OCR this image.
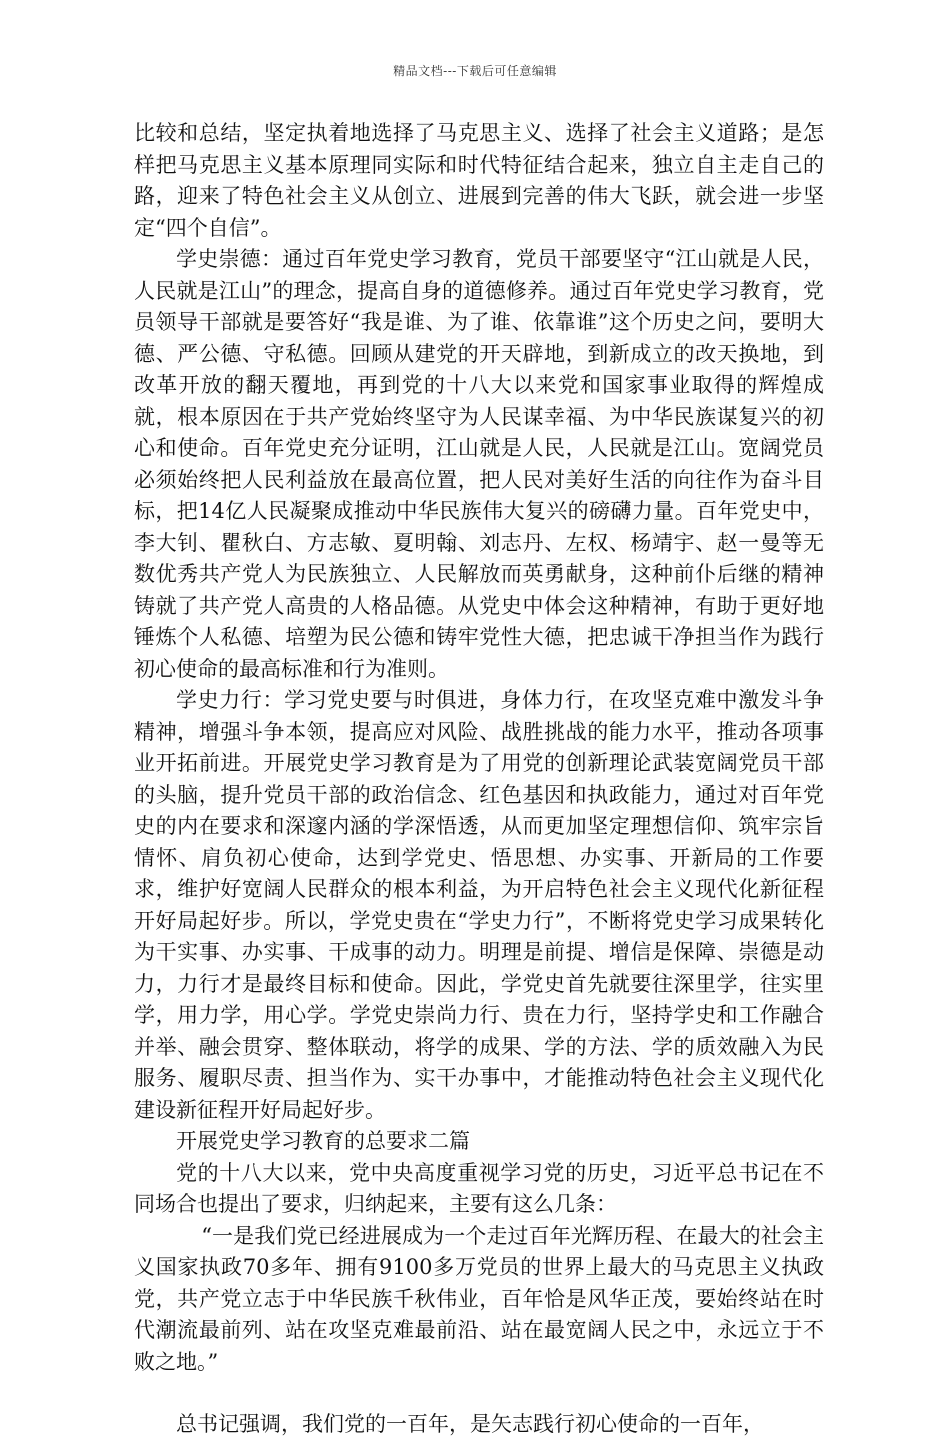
精品文档---下载后可任意编辑

比较和总结，坚定执着地选择了马克思主义、选择了社会主义道路；是怎样把马克思主义基本原理同实际和时代特征结合起来，独立自主走自己的路，迎来了特色社会主义从创立、进展到完善的伟大飞跃，就会进一步坚定“四个自信”。

学史崇德：通过百年党史学习教育，党员干部要坚守“江山就是人民，人民就是江山”的理念，提高自身的道德修养。通过百年党史学习教育，党员领导干部就是要答好“我是谁、为了谁、依靠谁”这个历史之问，要明大德、严公德、守私德。回顾从建党的开天辟地，到新成立的改天换地，到改革开放的翻天覆地，再到党的十八大以来党和国家事业取得的辉煌成就，根本原因在于共产党始终坚守为人民谋幸福、为中华民族谋复兴的初心和使命。百年党史充分证明，江山就是人民，人民就是江山。宽阔党员必须始终把人民利益放在最高位置，把人民对美好生活的向往作为奋斗目标，把14亿人民凝聚成推动中华民族伟大复兴的磅礴力量。百年党史中，李大钊、瞿秋白、方志敏、夏明翰、刘志丹、左权、杨靖宇、赵一曼等无数优秀共产党人为民族独立、人民解放而英勇献身，这种前仆后继的精神铸就了共产党人高贵的人格品德。从党史中体会这种精神，有助于更好地锤炼个人私德、培塑为民公德和铸牢党性大德，把忠诚干净担当作为践行初心使命的最高标准和行为准则。

学史力行：学习党史要与时俱进，身体力行，在攻坚克难中激发斗争精神，增强斗争本领，提高应对风险、战胜挑战的能力水平，推动各项事业开拓前进。开展党史学习教育是为了用党的创新理论武装宽阔党员干部的头脑，提升党员干部的政治信念、红色基因和执政能力，通过对百年党史的内在要求和深邃内涵的学深悟透，从而更加坚定理想信仰、筑牢宗旨情怀、肩负初心使命，达到学党史、悟思想、办实事、开新局的工作要求，维护好宽阔人民群众的根本利益，为开启特色社会主义现代化新征程开好局起好步。所以，学党史贵在“学史力行”，不断将党史学习成果转化为干实事、办实事、干成事的动力。明理是前提、增信是保障、崇德是动力，力行才是最终目标和使命。因此，学党史首先就要往深里学，往实里学，用力学，用心学。学党史崇尚力行、贵在力行，坚持学史和工作融合并举、融会贯穿、整体联动，将学的成果、学的方法、学的质效融入为民服务、履职尽责、担当作为、实干办事中，才能推动特色社会主义现代化建设新征程开好局起好步。

开展党史学习教育的总要求二篇

党的十八大以来，党中央高度重视学习党的历史，习近平总书记在不同场合也提出了要求，归纳起来，主要有这么几条：

“一是我们党已经进展成为一个走过百年光辉历程、在最大的社会主义国家执政70多年、拥有9100多万党员的世界上最大的马克思主义执政党，共产党立志于中华民族千秋伟业，百年恰是风华正茂，要始终站在时代潮流最前列、站在攻坚克难最前沿、站在最宽阔人民之中，永远立于不败之地。”

总书记强调，我们党的一百年，是矢志践行初心使命的一百年，
